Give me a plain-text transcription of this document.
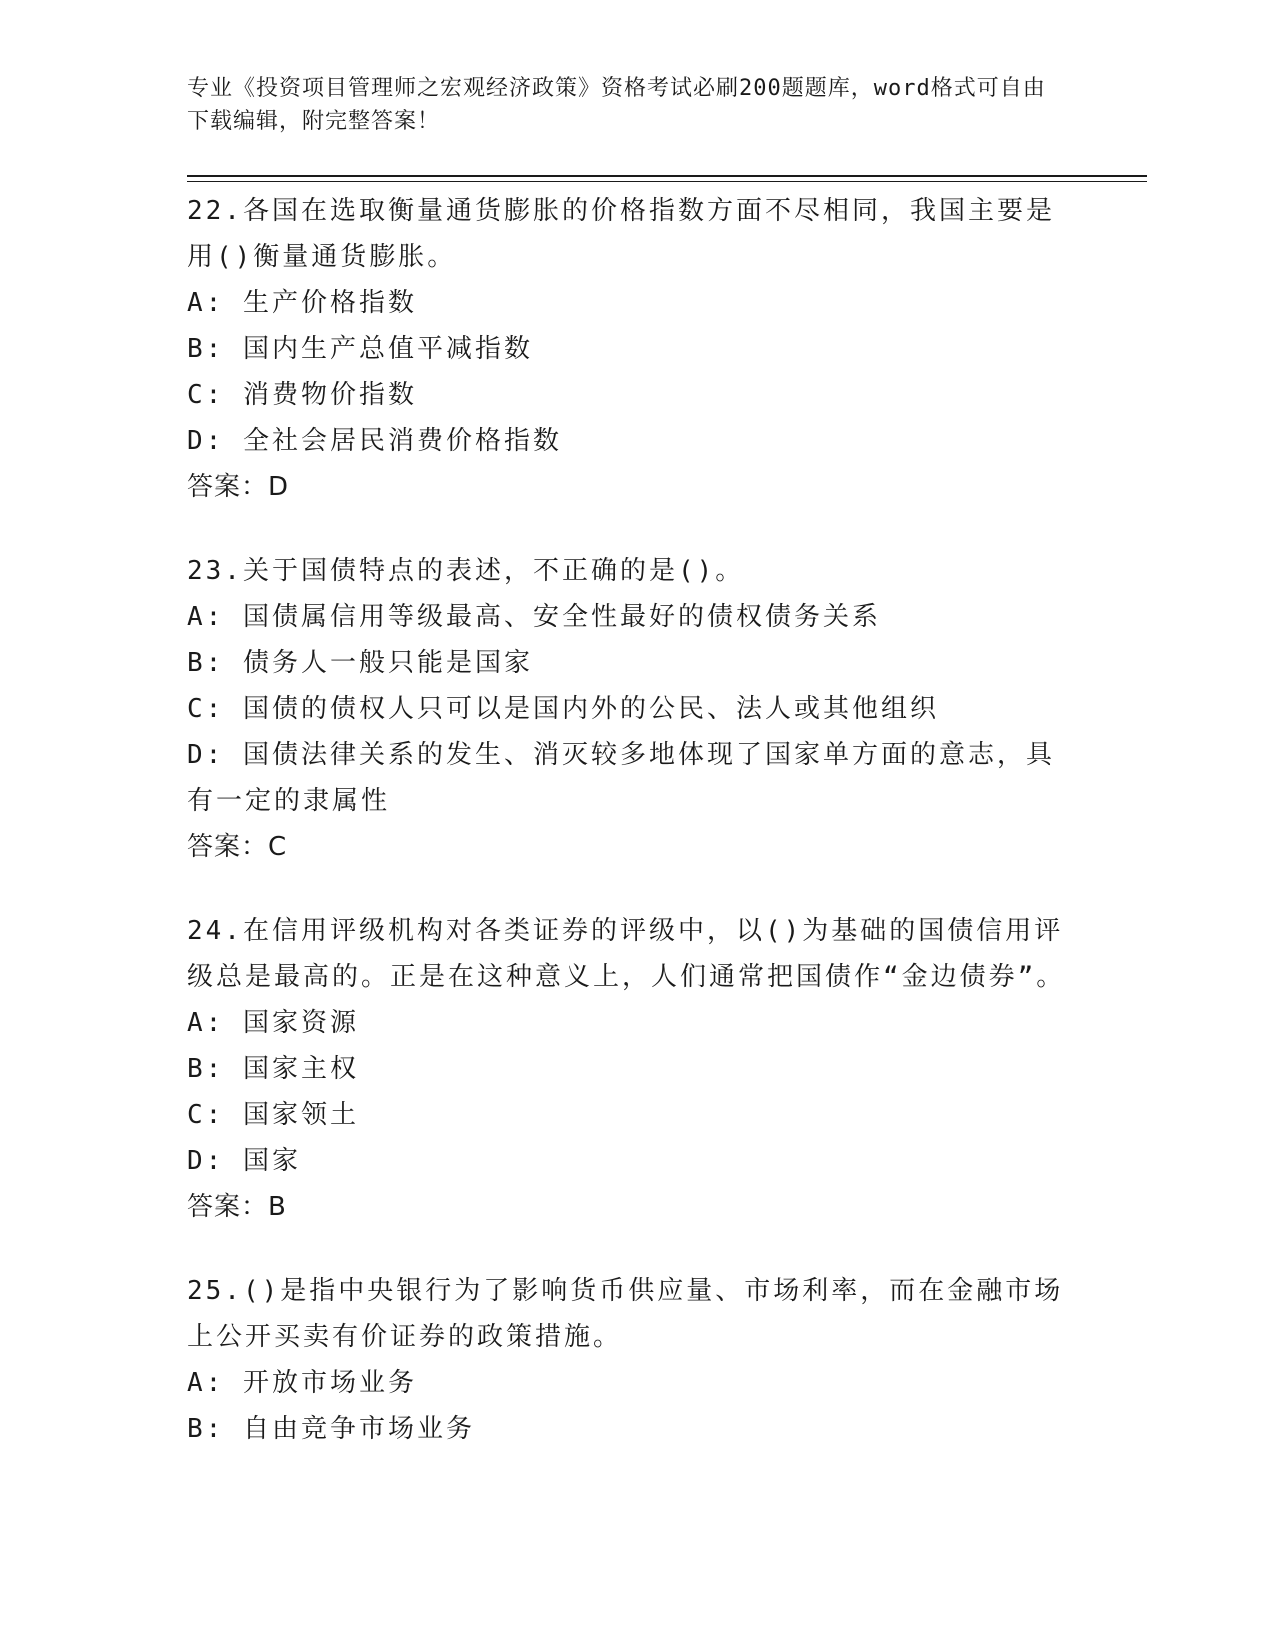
专业《投资项目管理师之宏观经济政策》资格考试必刷200题题库，word格式可自由下载编辑，附完整答案！
22.各国在选取衡量通货膨胀的价格指数方面不尽相同，我国主要是用()衡量通货膨胀。
A: 生产价格指数
B: 国内生产总值平减指数
C: 消费物价指数
D: 全社会居民消费价格指数
答案：D
23.关于国债特点的表述，不正确的是()。
A: 国债属信用等级最高、安全性最好的债权债务关系
B: 债务人一般只能是国家
C: 国债的债权人只可以是国内外的公民、法人或其他组织
D: 国债法律关系的发生、消灭较多地体现了国家单方面的意志，具有一定的隶属性
答案：C
24.在信用评级机构对各类证券的评级中，以()为基础的国债信用评级总是最高的。正是在这种意义上，人们通常把国债作“金边债券”。
A: 国家资源
B: 国家主权
C: 国家领土
D: 国家
答案：B
25.()是指中央银行为了影响货币供应量、市场利率，而在金融市场上公开买卖有价证券的政策措施。
A: 开放市场业务
B: 自由竞争市场业务
